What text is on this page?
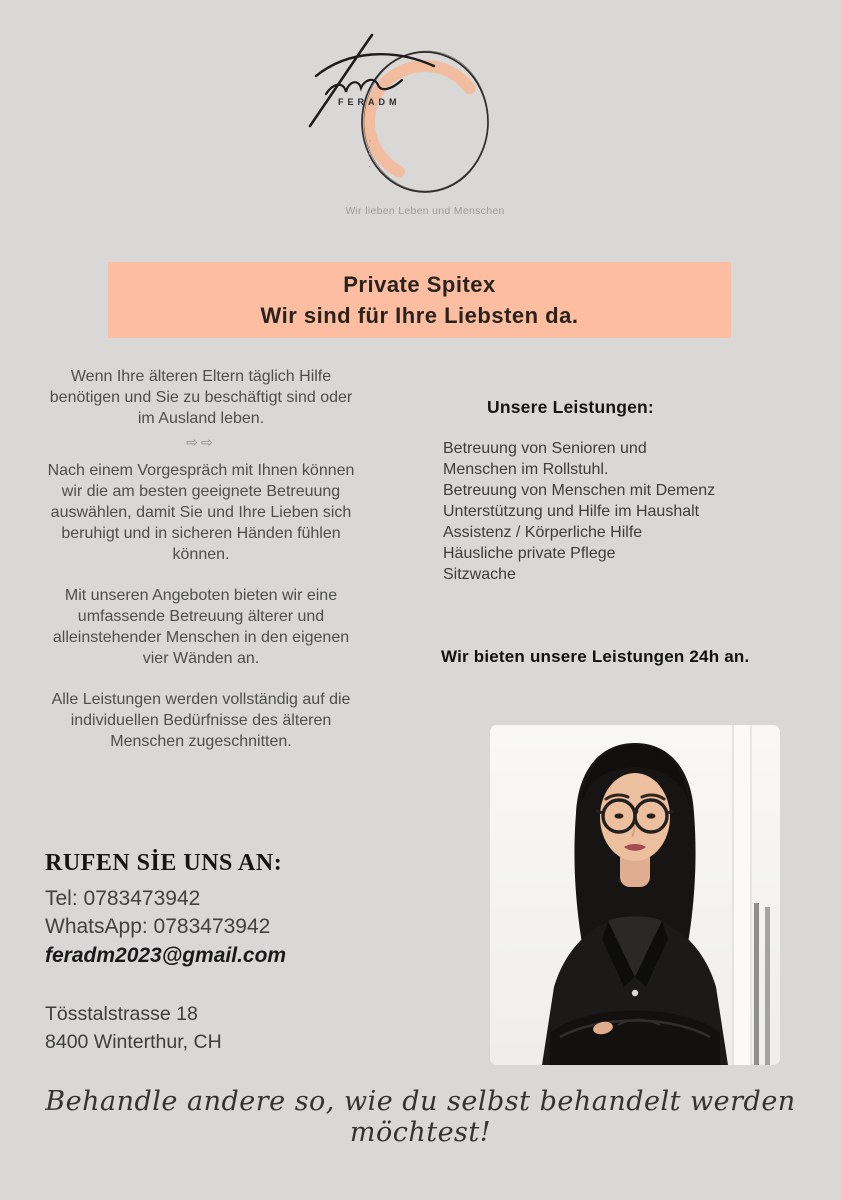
FERADM
Wir lieben Leben und Menschen
Private Spitex
Wir sind für Ihre Liebsten da.

Wenn Ihre älteren Eltern täglich Hilfe benötigen und Sie zu beschäftigt sind oder im Ausland leben.

⇨⇨

Nach einem Vorgespräch mit Ihnen können wir die am besten geeignete Betreuung auswählen, damit Sie und Ihre Lieben sich beruhigt und in sicheren Händen fühlen können.

Mit unseren Angeboten bieten wir eine umfassende Betreuung älterer und alleinstehender Menschen in den eigenen vier Wänden an.

Alle Leistungen werden vollständig auf die individuellen Bedürfnisse des älteren Menschen zugeschnitten.

Unsere Leistungen:
Betreuung von Senioren und
Menschen im Rollstuhl.
Betreuung von Menschen mit Demenz
Unterstützung und Hilfe im Haushalt
Assistenz / Körperliche Hilfe
Häusliche private Pflege
Sitzwache
Wir bieten unsere Leistungen 24h an.

RUFEN SİE UNS AN:

Tel: 0783473942

WhatsApp: 0783473942

feradm2023@gmail.com

Tösstalstrasse 18

8400 Winterthur, CH

Behandle andere so, wie du selbst behandelt werden möchtest!
